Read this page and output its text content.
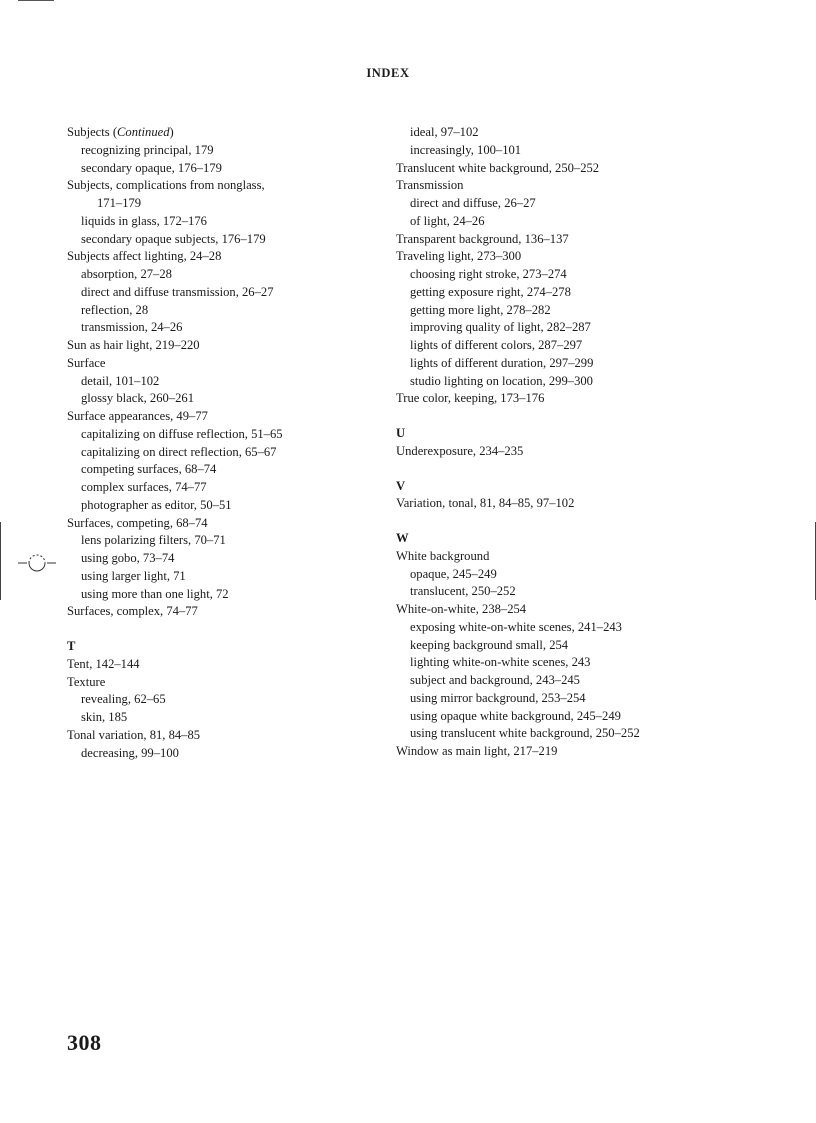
INDEX
Subjects (Continued)
recognizing principal, 179
secondary opaque, 176–179
Subjects, complications from nonglass,
171–179
liquids in glass, 172–176
secondary opaque subjects, 176–179
Subjects affect lighting, 24–28
absorption, 27–28
direct and diffuse transmission, 26–27
reflection, 28
transmission, 24–26
Sun as hair light, 219–220
Surface
detail, 101–102
glossy black, 260–261
Surface appearances, 49–77
capitalizing on diffuse reflection, 51–65
capitalizing on direct reflection, 65–67
competing surfaces, 68–74
complex surfaces, 74–77
photographer as editor, 50–51
Surfaces, competing, 68–74
lens polarizing filters, 70–71
using gobo, 73–74
using larger light, 71
using more than one light, 72
Surfaces, complex, 74–77
T
Tent, 142–144
Texture
revealing, 62–65
skin, 185
Tonal variation, 81, 84–85
decreasing, 99–100
ideal, 97–102
increasingly, 100–101
Translucent white background, 250–252
Transmission
direct and diffuse, 26–27
of light, 24–26
Transparent background, 136–137
Traveling light, 273–300
choosing right stroke, 273–274
getting exposure right, 274–278
getting more light, 278–282
improving quality of light, 282–287
lights of different colors, 287–297
lights of different duration, 297–299
studio lighting on location, 299–300
True color, keeping, 173–176
U
Underexposure, 234–235
V
Variation, tonal, 81, 84–85, 97–102
W
White background
opaque, 245–249
translucent, 250–252
White-on-white, 238–254
exposing white-on-white scenes, 241–243
keeping background small, 254
lighting white-on-white scenes, 243
subject and background, 243–245
using mirror background, 253–254
using opaque white background, 245–249
using translucent white background, 250–252
Window as main light, 217–219
308
